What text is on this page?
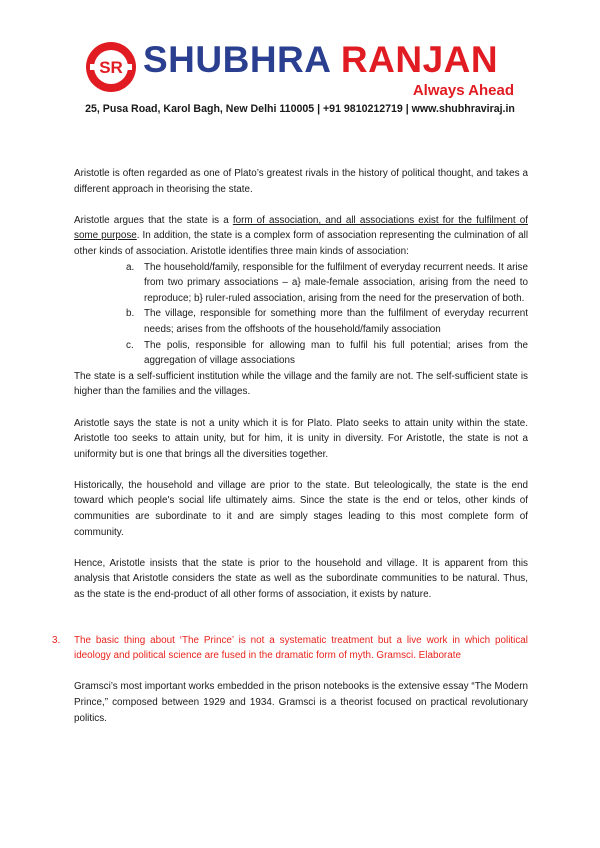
SR SHUBHRA RANJAN
Always Ahead
25, Pusa Road, Karol Bagh, New Delhi 110005 | +91 9810212719 | www.shubhraviraj.in

Aristotle is often regarded as one of Plato’s greatest rivals in the history of political thought, and takes a different approach in theorising the state.

Aristotle argues that the state is a form of association, and all associations exist for the fulfilment of some purpose. In addition, the state is a complex form of association representing the culmination of all other kinds of association. Aristotle identifies three main kinds of association:

a. The household/family, responsible for the fulfilment of everyday recurrent needs. It arise from two primary associations – a} male-female association, arising from the need to reproduce; b} ruler-ruled association, arising from the need for the preservation of both.
b. The village, responsible for something more than the fulfilment of everyday recurrent needs; arises from the offshoots of the household/family association
c. The polis, responsible for allowing man to fulfil his full potential; arises from the aggregation of village associations

The state is a self-sufficient institution while the village and the family are not. The self-sufficient state is higher than the families and the villages.

Aristotle says the state is not a unity which it is for Plato. Plato seeks to attain unity within the state. Aristotle too seeks to attain unity, but for him, it is unity in diversity. For Aristotle, the state is not a uniformity but is one that brings all the diversities together.

Historically, the household and village are prior to the state. But teleologically, the state is the end toward which people's social life ultimately aims. Since the state is the end or telos, other kinds of communities are subordinate to it and are simply stages leading to this most complete form of community.

Hence, Aristotle insists that the state is prior to the household and village. It is apparent from this analysis that Aristotle considers the state as well as the subordinate communities to be natural. Thus, as the state is the end-product of all other forms of association, it exists by nature.

3. The basic thing about ‘The Prince’ is not a systematic treatment but a live work in which political ideology and political science are fused in the dramatic form of myth. Gramsci. Elaborate

Gramsci’s most important works embedded in the prison notebooks is the extensive essay “The Modern Prince,” composed between 1929 and 1934. Gramsci is a theorist focused on practical revolutionary politics.
